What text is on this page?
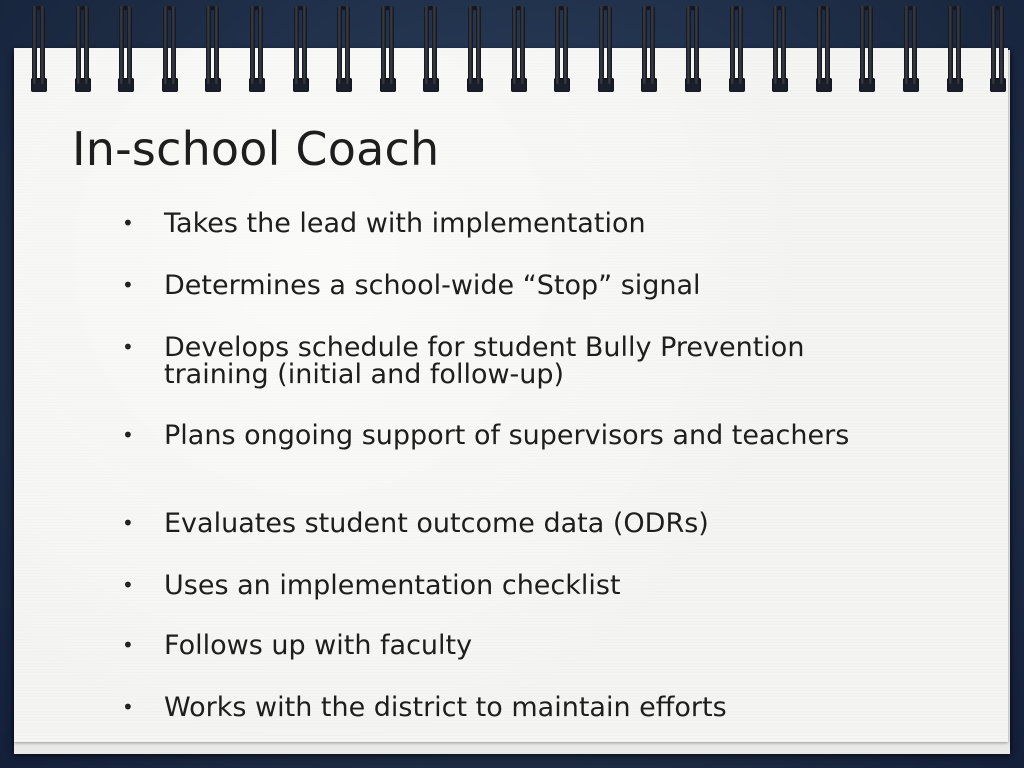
In-school Coach
•	Takes the lead with implementation
•	Determines a school-wide “Stop” signal
•	Develops schedule for student Bully Prevention training (initial and follow-up)
•	Plans ongoing support of supervisors and teachers
•	Evaluates student outcome data (ODRs)
•	Uses an implementation checklist
•	Follows up with faculty
•	Works with the district to maintain efforts
